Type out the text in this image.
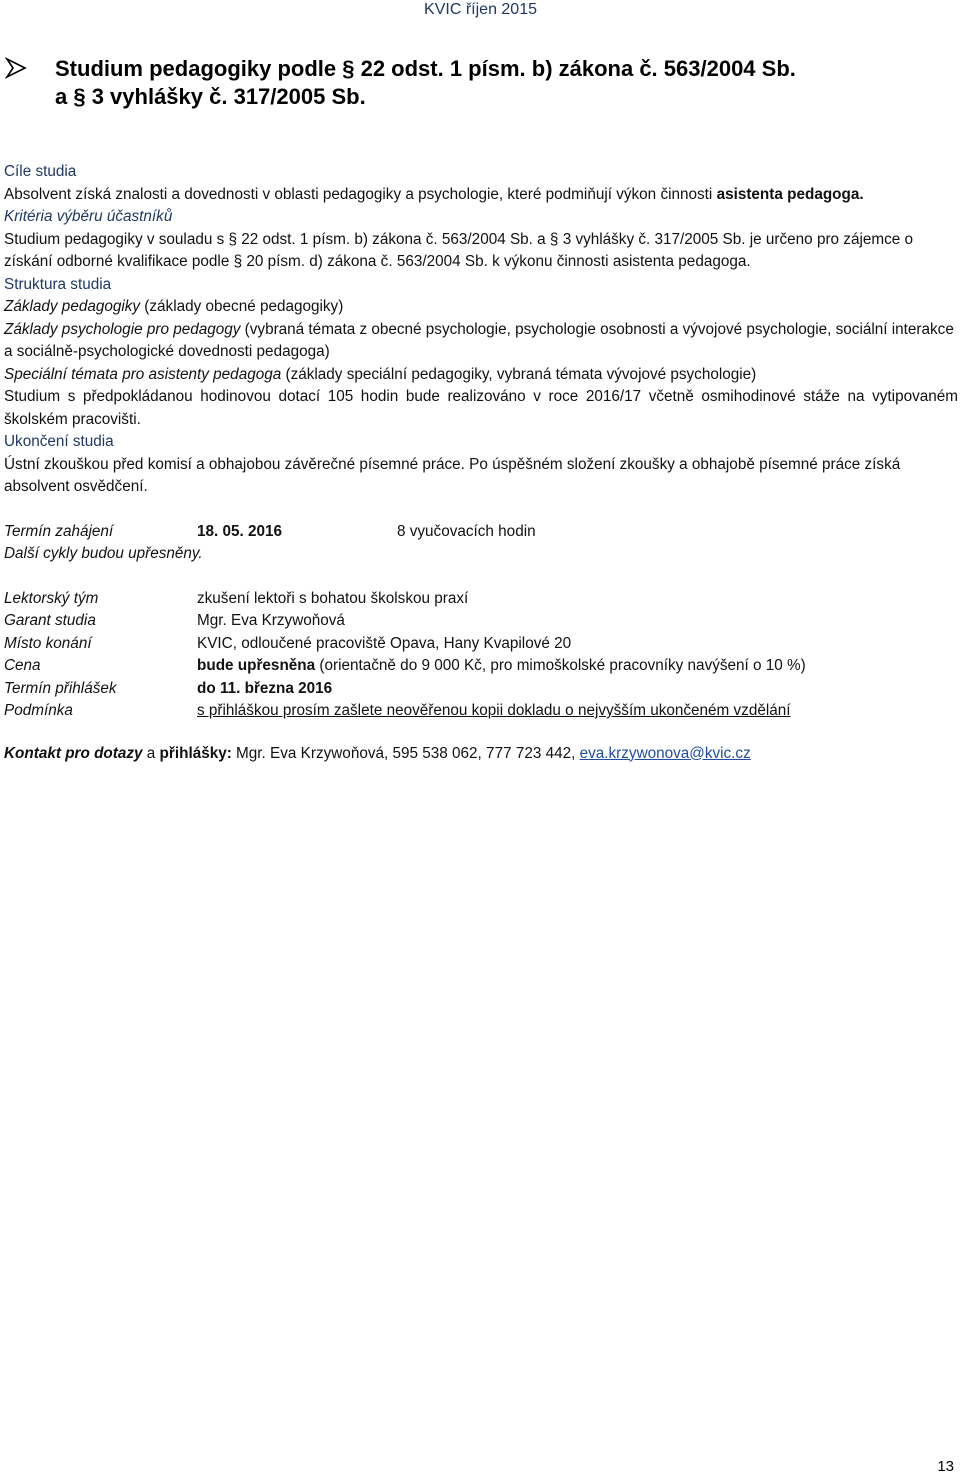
KVIC říjen 2015
Studium pedagogiky podle § 22 odst. 1 písm. b) zákona č. 563/2004 Sb.
a § 3 vyhlášky č. 317/2005 Sb.

Cíle studia

Absolvent získá znalosti a dovednosti v oblasti pedagogiky a psychologie, které podmiňují výkon činnosti asistenta pedagoga.

Kritéria výběru účastníků

Studium pedagogiky v souladu s § 22 odst. 1 písm. b) zákona č. 563/2004 Sb. a § 3 vyhlášky č. 317/2005 Sb. je určeno pro zájemce o získání odborné kvalifikace podle § 20 písm. d) zákona č. 563/2004 Sb. k výkonu činnosti asistenta pedagoga.

Struktura studia

Základy pedagogiky (základy obecné pedagogiky)

Základy psychologie pro pedagogy (vybraná témata z obecné psychologie, psychologie osobnosti a vývojové psychologie, sociální interakce a sociálně-psychologické dovednosti pedagoga)

Speciální témata pro asistenty pedagoga (základy speciální pedagogiky, vybraná témata vývojové psychologie)

Studium s předpokládanou hodinovou dotací 105 hodin bude realizováno v roce 2016/17 včetně osmihodinové stáže na vytipovaném školském pracovišti.

Ukončení studia

Ústní zkouškou před komisí a obhajobou závěrečné písemné práce. Po úspěšném složení zkoušky a obhajobě písemné práce získá absolvent osvědčení.

Termín zahájení	18. 05. 2016	8 vyučovacích hodin

Další cykly budou upřesněny.

Lektorský tým	zkušení lektoři s bohatou školskou praxí
Garant studia	Mgr. Eva Krzywoňová
Místo konání	KVIC, odloučené pracoviště Opava, Hany Kvapilové 20
Cena	bude upřesněna (orientačně do 9 000 Kč, pro mimoškolské pracovníky navýšení o 10 %)
Termín přihlášek	do 11. března 2016
Podmínka	s přihláškou prosím zašlete neověřenou kopii dokladu o nejvyšším ukončeném vzdělání

Kontakt pro dotazy a přihlášky: Mgr. Eva Krzywoňová, 595 538 062, 777 723 442, eva.krzywonova@kvic.cz

13
